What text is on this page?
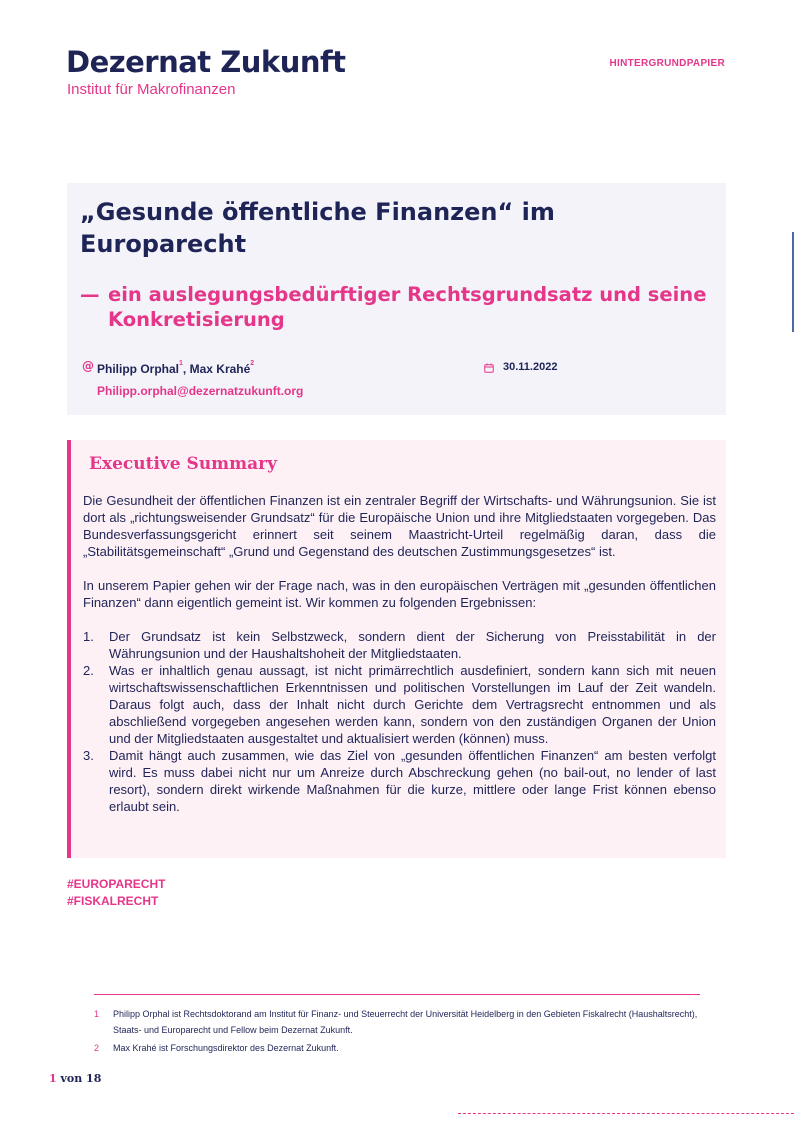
Dezernat Zukunft
Institut für Makrofinanzen
HINTERGRUNDPAPIER
„Gesunde öffentliche Finanzen“ im Europarecht
— ein auslegungsbedürftiger Rechtsgrundsatz und seine Konkretisierung
@ Philipp Orphal$^1$, Max Krahé$^2$
Philipp.orphal@dezernatzukunft.org
30.11.2022
Executive Summary

Die Gesundheit der öffentlichen Finanzen ist ein zentraler Begriff der Wirtschafts- und Währungsunion. Sie ist dort als „richtungsweisender Grundsatz“ für die Europäische Union und ihre Mitgliedstaaten vorgegeben. Das Bundesverfassungsgericht erinnert seit seinem Maastricht-Urteil regelmäßig daran, dass die „Stabilitätsgemeinschaft“ „Grund und Gegenstand des deutschen Zustimmungsgesetzes“ ist.

In unserem Papier gehen wir der Frage nach, was in den europäischen Verträgen mit „gesunden öffentlichen Finanzen“ dann eigentlich gemeint ist. Wir kommen zu folgenden Ergebnissen:

1. Der Grundsatz ist kein Selbstzweck, sondern dient der Sicherung von Preisstabilität in der Währungsunion und der Haushaltshoheit der Mitgliedstaaten.
2. Was er inhaltlich genau aussagt, ist nicht primärrechtlich ausdefiniert, sondern kann sich mit neuen wirtschaftswissenschaftlichen Erkenntnissen und politischen Vorstellungen im Lauf der Zeit wandeln. Daraus folgt auch, dass der Inhalt nicht durch Gerichte dem Vertragsrecht entnommen und als abschließend vorgegeben angesehen werden kann, sondern von den zuständigen Organen der Union und der Mitgliedstaaten ausgestaltet und aktualisiert werden (können) muss.
3. Damit hängt auch zusammen, wie das Ziel von „gesunden öffentlichen Finanzen“ am besten verfolgt wird. Es muss dabei nicht nur um Anreize durch Abschreckung gehen (no bail-out, no lender of last resort), sondern direkt wirkende Maßnahmen für die kurze, mittlere oder lange Frist können ebenso erlaubt sein.
#EUROPARECHT
#FISKALRECHT
1 Philipp Orphal ist Rechtsdoktorand am Institut für Finanz- und Steuerrecht der Universität Heidelberg in den Gebieten Fiskalrecht (Haushaltsrecht), Staats- und Europarecht und Fellow beim Dezernat Zukunft.
2 Max Krahé ist Forschungsdirektor des Dezernat Zukunft.
1 von 18
